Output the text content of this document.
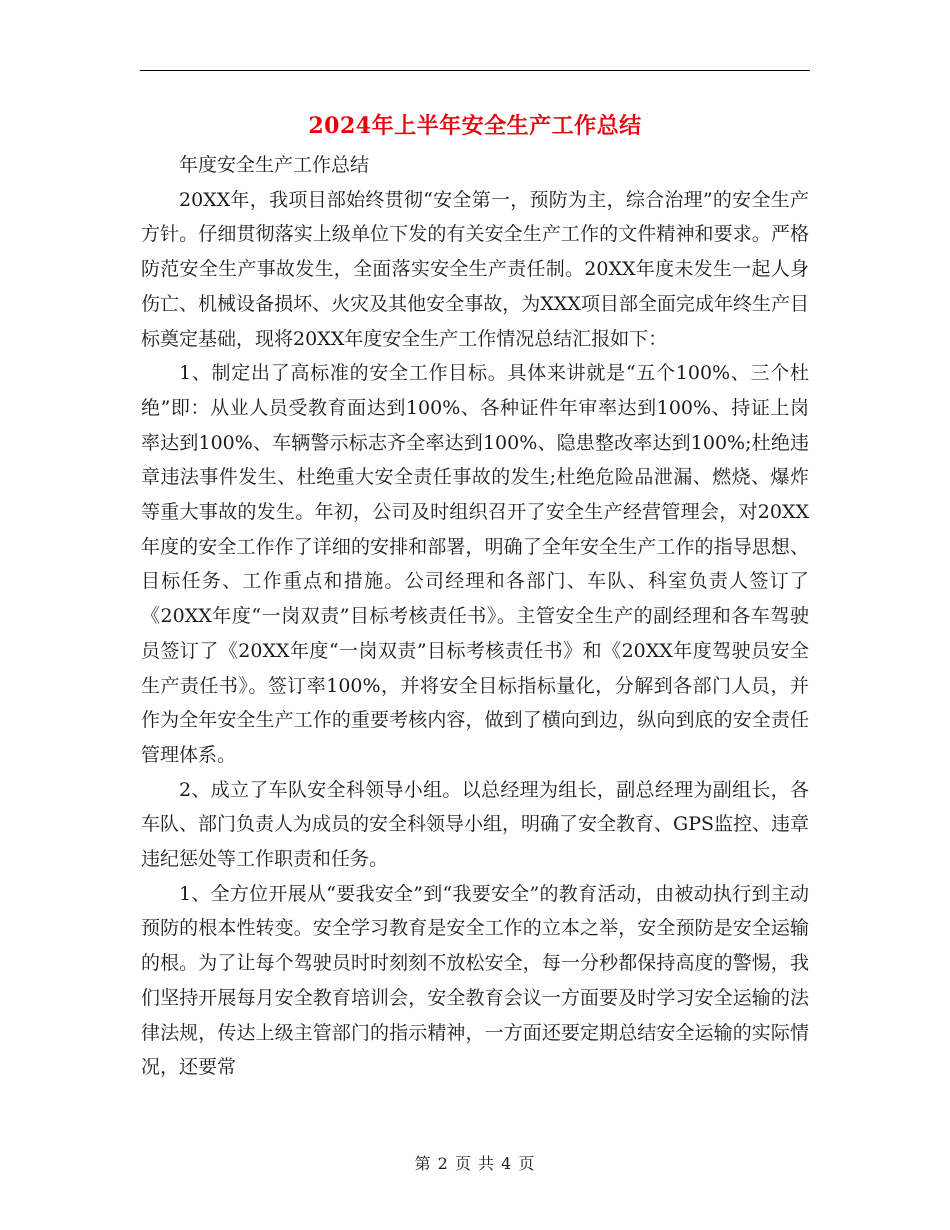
2024年上半年安全生产工作总结

年度安全生产工作总结

20XX年，我项目部始终贯彻“安全第一，预防为主，综合治理”的安全生产方针。仔细贯彻落实上级单位下发的有关安全生产工作的文件精神和要求。严格防范安全生产事故发生，全面落实安全生产责任制。20XX年度未发生一起人身伤亡、机械设备损坏、火灾及其他安全事故，为XXX项目部全面完成年终生产目标奠定基础，现将20XX年度安全生产工作情况总结汇报如下：

1、制定出了高标准的安全工作目标。具体来讲就是“五个100%、三个杜绝”即：从业人员受教育面达到100%、各种证件年审率达到100%、持证上岗率达到100%、车辆警示标志齐全率达到100%、隐患整改率达到100%;杜绝违章违法事件发生、杜绝重大安全责任事故的发生;杜绝危险品泄漏、燃烧、爆炸等重大事故的发生。年初，公司及时组织召开了安全生产经营管理会，对20XX年度的安全工作作了详细的安排和部署，明确了全年安全生产工作的指导思想、目标任务、工作重点和措施。公司经理和各部门、车队、科室负责人签订了《20XX年度“一岗双责”目标考核责任书》。主管安全生产的副经理和各车驾驶员签订了《20XX年度“一岗双责”目标考核责任书》和《20XX年度驾驶员安全生产责任书》。签订率100%，并将安全目标指标量化，分解到各部门人员，并作为全年安全生产工作的重要考核内容，做到了横向到边，纵向到底的安全责任管理体系。

2、成立了车队安全科领导小组。以总经理为组长，副总经理为副组长，各车队、部门负责人为成员的安全科领导小组，明确了安全教育、GPS监控、违章违纪惩处等工作职责和任务。

1、全方位开展从“要我安全”到“我要安全”的教育活动，由被动执行到主动预防的根本性转变。安全学习教育是安全工作的立本之举，安全预防是安全运输的根。为了让每个驾驶员时时刻刻不放松安全，每一分秒都保持高度的警惕，我们坚持开展每月安全教育培训会，安全教育会议一方面要及时学习安全运输的法律法规，传达上级主管部门的指示精神，一方面还要定期总结安全运输的实际情况，还要常

第 2 页 共 4 页
